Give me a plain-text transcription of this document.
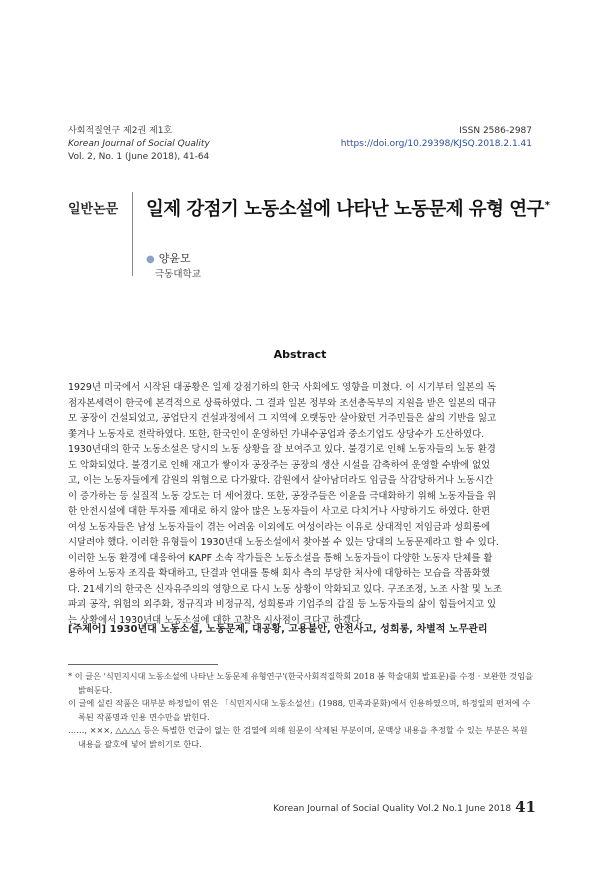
사회적질연구 제2권 제1호
Korean Journal of Social Quality
Vol. 2, No. 1 (June 2018), 41-64
ISSN 2586-2987
https://doi.org/10.29398/KJSQ.2018.2.1.41
일반논문 일제 강점기 노동소설에 나타난 노동문제 유형 연구*
● 양윤모
극동대학교
Abstract

1929년 미국에서 시작된 대공황은 일제 강점기하의 한국 사회에도 영향을 미쳤다. 이 시기부터 일본의 독

점자본세력이 한국에 본격적으로 상륙하였다. 그 결과 일본 정부와 조선총독부의 지원을 받은 일본의 대규

모 공장이 건설되었고, 공업단지 건설과정에서 그 지역에 오랫동안 살아왔던 거주민들은 삶의 기반을 잃고

쫓겨나 노동자로 전락하였다. 또한, 한국인이 운영하던 가내수공업과 중소기업도 상당수가 도산하였다.

1930년대의 한국 노동소설은 당시의 노동 상황을 잘 보여주고 있다. 불경기로 인해 노동자들의 노동 환경

도 악화되었다. 불경기로 인해 재고가 쌓이자 공장주는 공장의 생산 시설을 감축하여 운영할 수밖에 없었

고, 이는 노동자들에게 감원의 위협으로 다가왔다. 감원에서 살아남더라도 임금을 삭감당하거나 노동시간

이 증가하는 등 실질적 노동 강도는 더 세어졌다. 또한, 공장주들은 이윤을 극대화하기 위해 노동자들을 위

한 안전시설에 대한 투자를 제대로 하지 않아 많은 노동자들이 사고로 다치거나 사망하기도 하였다. 한편

여성 노동자들은 남성 노동자들이 겪는 어려움 이외에도 여성이라는 이유로 상대적인 저임금과 성희롱에

시달려야 했다. 이러한 유형들이 1930년대 노동소설에서 찾아볼 수 있는 당대의 노동문제라고 할 수 있다.

이러한 노동 환경에 대응하여 KAPF 소속 작가들은 노동소설을 통해 노동자들이 다양한 노동자 단체를 활

용하여 노동자 조직을 확대하고, 단결과 연대를 통해 회사 측의 부당한 처사에 대항하는 모습을 작품화했

다. 21세기의 한국은 신자유주의의 영향으로 다시 노동 상황이 악화되고 있다. 구조조정, 노조 사찰 및 노조

파괴 공작, 위험의 외주화, 정규직과 비정규직, 성희롱과 기업주의 갑질 등 노동자들의 삶이 힘들어지고 있

는 상황에서 1930년대 노동소설에 대한 고찰은 시사점이 크다고 하겠다.

[주제어] 1930년대 노동소설, 노동문제, 대공황, 고용불안, 안전사고, 성희롱, 차별적 노무관리

* 이 글은 '식민지시대 노동소설에 나타난 노동문제 유형연구'(한국사회적질학회 2018 봄 학술대회 발표문)를 수정 · 보완한 것임을 밝혀둔다.

이 글에 실린 작품은 대부분 하정일이 엮은 「식민지시대 노동소설선」(1988, 민족과문화)에서 인용하였으며, 하정일의 편저에 수록된 작품명과 인용 면수만을 밝힌다.

……, ×××, △△△△ 등은 특별한 언급이 없는 한 검열에 의해 원문이 삭제된 부분이며, 문맥상 내용을 추정할 수 있는 부분은 복원 내용을 괄호에 넣어 밝히기로 한다.

Korean Journal of Social Quality Vol.2 No.1 June 2018 41
